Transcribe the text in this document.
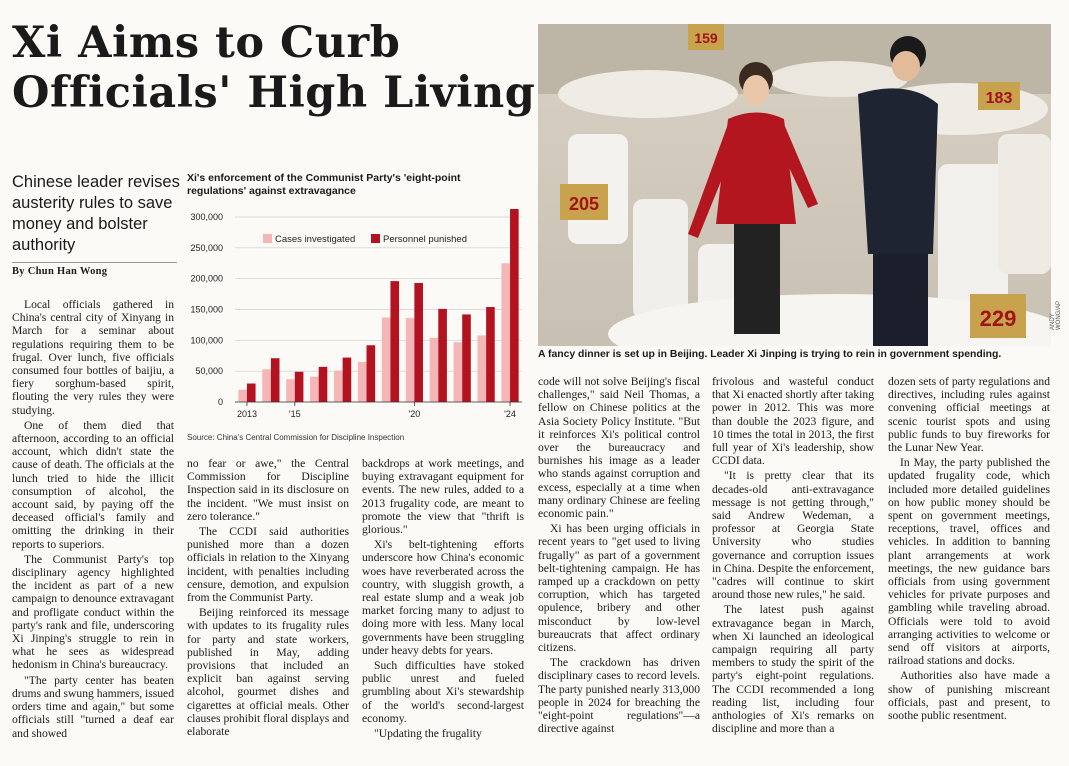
Xi Aims to Curb Officials' High Living
Chinese leader revises austerity rules to save money and bolster authority
By Chun Han Wong
Xi's enforcement of the Communist Party's 'eight-point regulations' against extravagance
0
50,000
100,000
150,000
200,000
250,000
300,000
2013	'15	'20	'24
Cases investigated	Personnel punished
Source: China's Central Commission for Discipline Inspection
159
183
205
229	ANDY WONG/AP
A fancy dinner is set up in Beijing. Leader Xi Jinping is trying to rein in government spending.

Local officials gathered in China's central city of Xinyang in March for a seminar about regulations requiring them to be frugal. Over lunch, five officials consumed four bottles of baijiu, a fiery sorghum-based spirit, flouting the very rules they were studying.

One of them died that afternoon, according to an official account, which didn't state the cause of death. The officials at the lunch tried to hide the illicit consumption of alcohol, the account said, by paying off the deceased official's family and omitting the drinking in their reports to superiors.

The Communist Party's top disciplinary agency highlighted the incident as part of a new campaign to denounce extravagant and profligate conduct within the party's rank and file, underscoring Xi Jinping's struggle to rein in what he sees as widespread hedonism in China's bureaucracy.

"The party center has beaten drums and swung hammers, issued orders time and again," but some officials still "turned a deaf ear and showed

no fear or awe," the Central Commission for Discipline Inspection said in its disclosure on the incident. "We must insist on zero tolerance."

The CCDI said authorities punished more than a dozen officials in relation to the Xinyang incident, with penalties including censure, demotion, and expulsion from the Communist Party.

Beijing reinforced its message with updates to its frugality rules for party and state workers, published in May, adding provisions that included an explicit ban against serving alcohol, gourmet dishes and cigarettes at official meals. Other clauses prohibit floral displays and elaborate

backdrops at work meetings, and buying extravagant equipment for events. The new rules, added to a 2013 frugality code, are meant to promote the view that "thrift is glorious."

Xi's belt-tightening efforts underscore how China's economic woes have reverberated across the country, with sluggish growth, a real estate slump and a weak job market forcing many to adjust to doing more with less. Many local governments have been struggling under heavy debts for years.

Such difficulties have stoked public unrest and fueled grumbling about Xi's stewardship of the world's second-largest economy.

"Updating the frugality

code will not solve Beijing's fiscal challenges," said Neil Thomas, a fellow on Chinese politics at the Asia Society Policy Institute. "But it reinforces Xi's political control over the bureaucracy and burnishes his image as a leader who stands against corruption and excess, especially at a time when many ordinary Chinese are feeling economic pain."

Xi has been urging officials in recent years to "get used to living frugally" as part of a government belt-tightening campaign. He has ramped up a crackdown on petty corruption, which has targeted opulence, bribery and other misconduct by low-level bureaucrats that affect ordinary citizens.

The crackdown has driven disciplinary cases to record levels. The party punished nearly 313,000 people in 2024 for breaching the "eight-point regulations"—a directive against

frivolous and wasteful conduct that Xi enacted shortly after taking power in 2012. This was more than double the 2023 figure, and 10 times the total in 2013, the first full year of Xi's leadership, show CCDI data.

"It is pretty clear that its decades-old anti-extravagance message is not getting through," said Andrew Wedeman, a professor at Georgia State University who studies governance and corruption issues in China. Despite the enforcement, "cadres will continue to skirt around those new rules," he said.

The latest push against extravagance began in March, when Xi launched an ideological campaign requiring all party members to study the spirit of the party's eight-point regulations. The CCDI recommended a long reading list, including four anthologies of Xi's remarks on discipline and more than a

dozen sets of party regulations and directives, including rules against convening official meetings at scenic tourist spots and using public funds to buy fireworks for the Lunar New Year.

In May, the party published the updated frugality code, which included more detailed guidelines on how public money should be spent on government meetings, receptions, travel, offices and vehicles. In addition to banning plant arrangements at work meetings, the new guidance bars officials from using government vehicles for private purposes and gambling while traveling abroad. Officials were told to avoid arranging activities to welcome or send off visitors at airports, railroad stations and docks.

Authorities also have made a show of punishing miscreant officials, past and present, to soothe public resentment.
